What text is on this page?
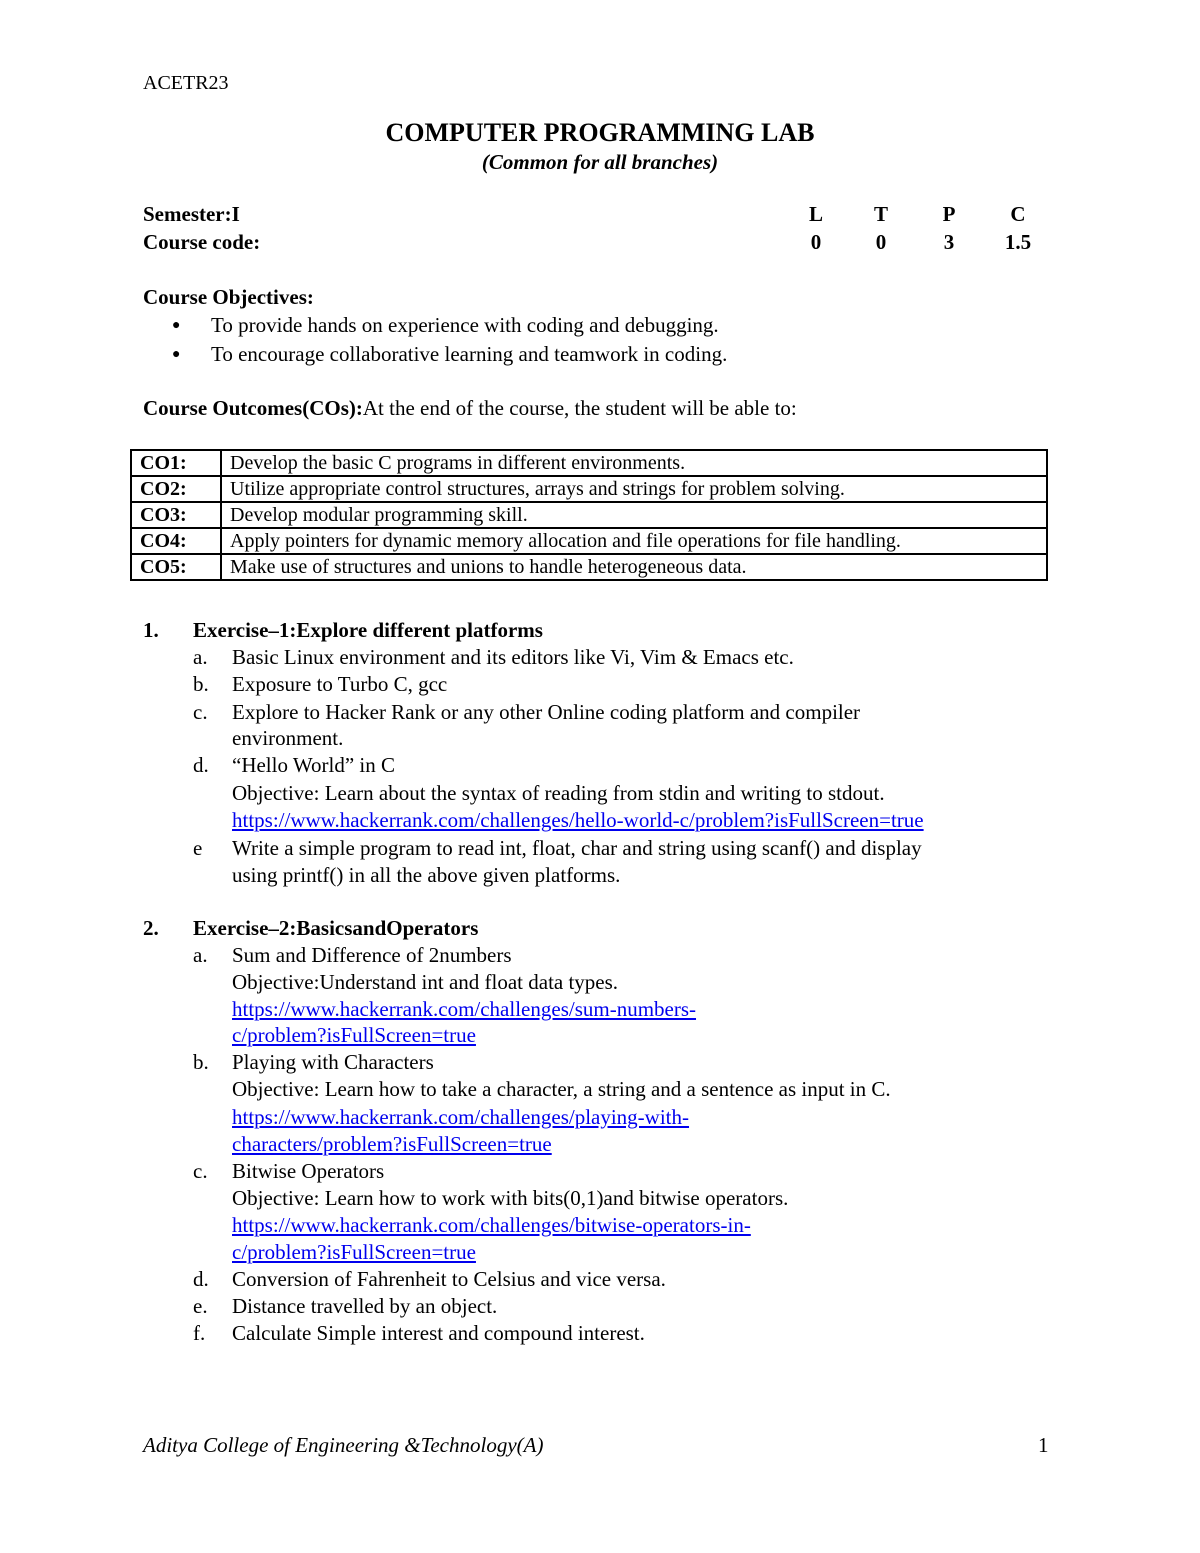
ACETR23
COMPUTER PROGRAMMING LAB
(Common for all branches)
Semester:I
Course code:
L	T	P	C
0	0	3	1.5
Course Objectives:
● To provide hands on experience with coding and debugging.
● To encourage collaborative learning and teamwork in coding.
Course Outcomes(COs):At the end of the course, the student will be able to:
CO1:	Develop the basic C programs in different environments.
CO2:	Utilize appropriate control structures, arrays and strings for problem solving.
CO3:	Develop modular programming skill.
CO4:	Apply pointers for dynamic memory allocation and file operations for file handling.
CO5:	Make use of structures and unions to handle heterogeneous data.
1. Exercise–1:Explore different platforms
a. Basic Linux environment and its editors like Vi, Vim & Emacs etc.
b. Exposure to Turbo C, gcc
c. Explore to Hacker Rank or any other Online coding platform and compiler
environment.
d. “Hello World” in C
Objective: Learn about the syntax of reading from stdin and writing to stdout.
https://www.hackerrank.com/challenges/hello-world-c/problem?isFullScreen=true
e Write a simple program to read int, float, char and string using scanf() and display
using printf() in all the above given platforms.
2. Exercise–2:BasicsandOperators
a. Sum and Difference of 2numbers
Objective:Understand int and float data types.
https://www.hackerrank.com/challenges/sum-numbers-
c/problem?isFullScreen=true
b. Playing with Characters
Objective: Learn how to take a character, a string and a sentence as input in C.
https://www.hackerrank.com/challenges/playing-with-
characters/problem?isFullScreen=true
c. Bitwise Operators
Objective: Learn how to work with bits(0,1)and bitwise operators.
https://www.hackerrank.com/challenges/bitwise-operators-in-
c/problem?isFullScreen=true
d. Conversion of Fahrenheit to Celsius and vice versa.
e. Distance travelled by an object.
f. Calculate Simple interest and compound interest.
Aditya College of Engineering &Technology(A)	1
